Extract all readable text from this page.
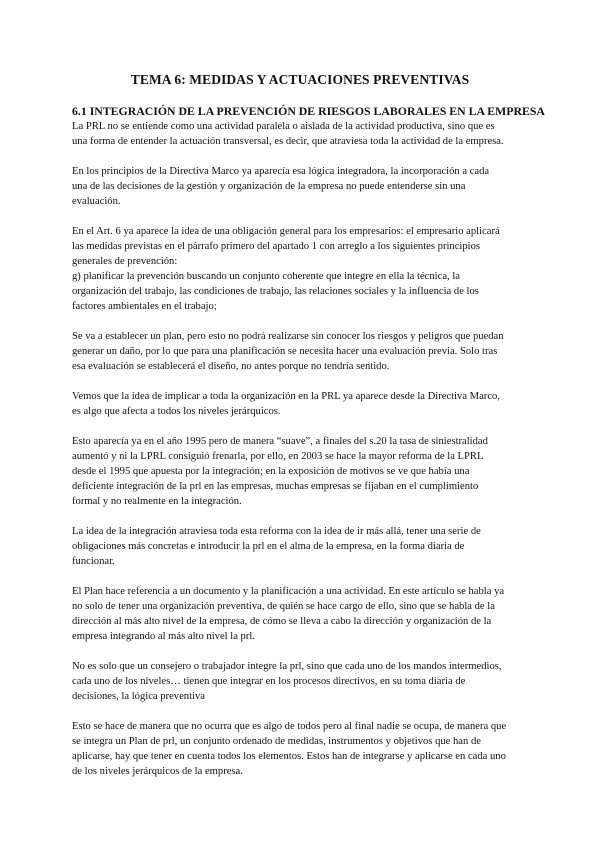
TEMA 6: MEDIDAS Y ACTUACIONES PREVENTIVAS
6.1 INTEGRACIÓN DE LA PREVENCIÓN DE RIESGOS LABORALES EN LA EMPRESA

La PRL no se entiende como una actividad paralela o aislada de la actividad productiva, sino que es
una forma de entender la actuación transversal, es decir, que atraviesa toda la actividad de la empresa.

En los principios de la Directiva Marco ya aparecía esa lógica integradora, la incorporación a cada
una de las decisiones de la gestión y organización de la empresa no puede entenderse sin una
evaluación.

En el Art. 6 ya aparece la idea de una obligación general para los empresarios: el empresario aplicará
las medidas previstas en el párrafo primero del apartado 1 con arreglo a los siguientes principios
generales de prevención:
g) planificar la prevención buscando un conjunto coherente que integre en ella la técnica, la
organización del trabajo, las condiciones de trabajo, las relaciones sociales y la influencia de los
factores ambientales en el trabajo;

Se va a establecer un plan, pero esto no podrá realizarse sin conocer los riesgos y peligros que puedan
generar un daño, por lo que para una planificación se necesita hacer una evaluación previa. Solo tras
esa evaluación se establecerá el diseño, no antes porque no tendría sentido.

Vemos que la idea de implicar a toda la organización en la PRL ya aparece desde la Directiva Marco,
es algo que afecta a todos los niveles jerárquicos.

Esto aparecía ya en el año 1995 pero de manera “suave”, a finales del s.20 la tasa de siniestralidad
aumentó y ni la LPRL consiguió frenarla, por ello, en 2003 se hace la mayor reforma de la LPRL
desde el 1995 que apuesta por la integración; en la exposición de motivos se ve que había una
deficiente integración de la prl en las empresas, muchas empresas se fijaban en el cumplimiento
formal y no realmente en la integración.

La idea de la integración atraviesa toda esta reforma con la idea de ir más allá, tener una serie de
obligaciones más concretas e introducir la prl en el alma de la empresa, en la forma diaria de
funcionar.

El Plan hace referencia a un documento y la planificación a una actividad. En este artículo se habla ya
no solo de tener una organización preventiva, de quién se hace cargo de ello, sino que se habla de la
dirección al más alto nivel de la empresa, de cómo se lleva a cabo la dirección y organización de la
empresa integrando al más alto nivel la prl.

No es solo que un consejero o trabajador integre la prl, sino que cada uno de los mandos intermedios,
cada uno de los niveles… tienen que integrar en los procesos directivos, en su toma diaria de
decisiones, la lógica preventiva

Esto se hace de manera que no ocurra que es algo de todos pero al final nadie se ocupa, de manera que
se integra un Plan de prl, un conjunto ordenado de medidas, instrumentos y objetivos que han de
aplicarse, hay que tener en cuenta todos los elementos. Estos han de integrarse y aplicarse en cada uno
de los niveles jerárquicos de la empresa.
